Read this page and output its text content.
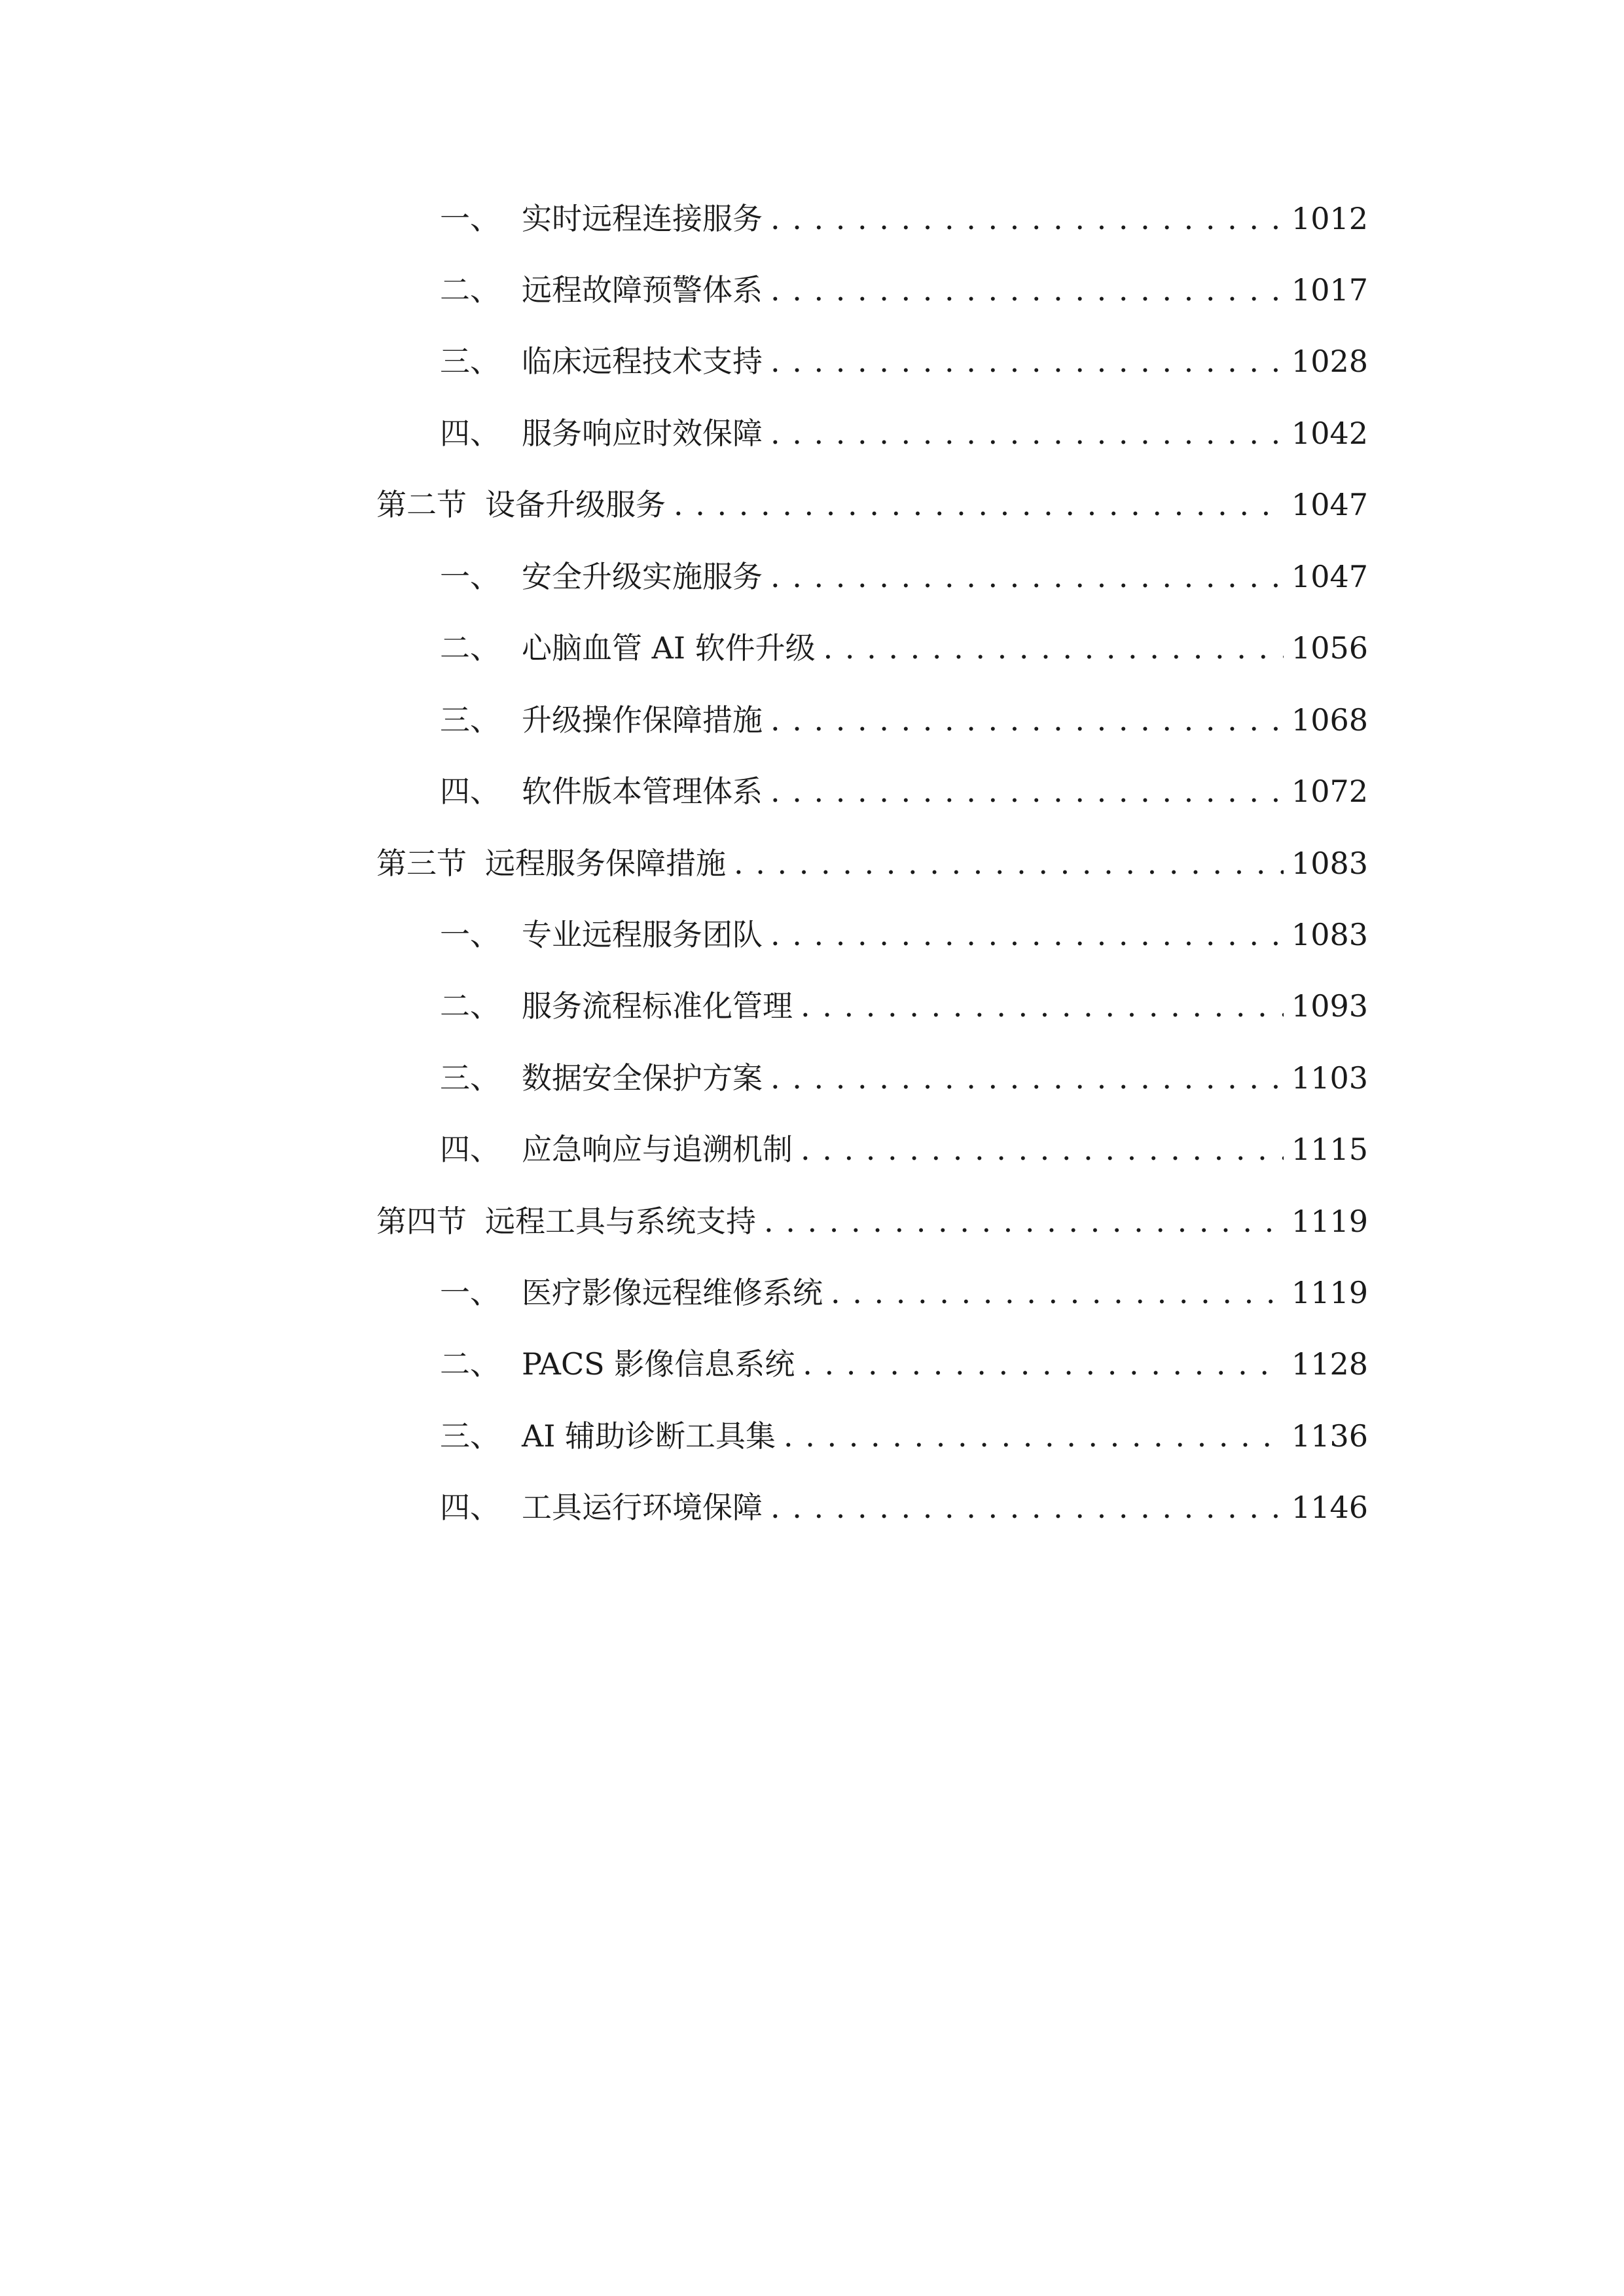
一、 实时远程连接服务 . . .	1012
二、 远程故障预警体系 . . .	1017
三、 临床远程技术支持 . . .	1028
四、 服务响应时效保障 . . .	1042
第二节 设备升级服务 . . .	1047
一、 安全升级实施服务 . . .	1047
二、 心脑血管 AI 软件升级 . . .	1056
三、 升级操作保障措施 . . .	1068
四、 软件版本管理体系 . . .	1072
第三节 远程服务保障措施 . . .	1083
一、 专业远程服务团队 . . .	1083
二、 服务流程标准化管理 . . .	1093
三、 数据安全保护方案 . . .	1103
四、 应急响应与追溯机制 . . .	1115
第四节 远程工具与系统支持 . . .	1119
一、 医疗影像远程维修系统 . . .	1119
二、 PACS 影像信息系统 . . .	1128
三、 AI 辅助诊断工具集 . . .	1136
四、 工具运行环境保障 . . .	1146
